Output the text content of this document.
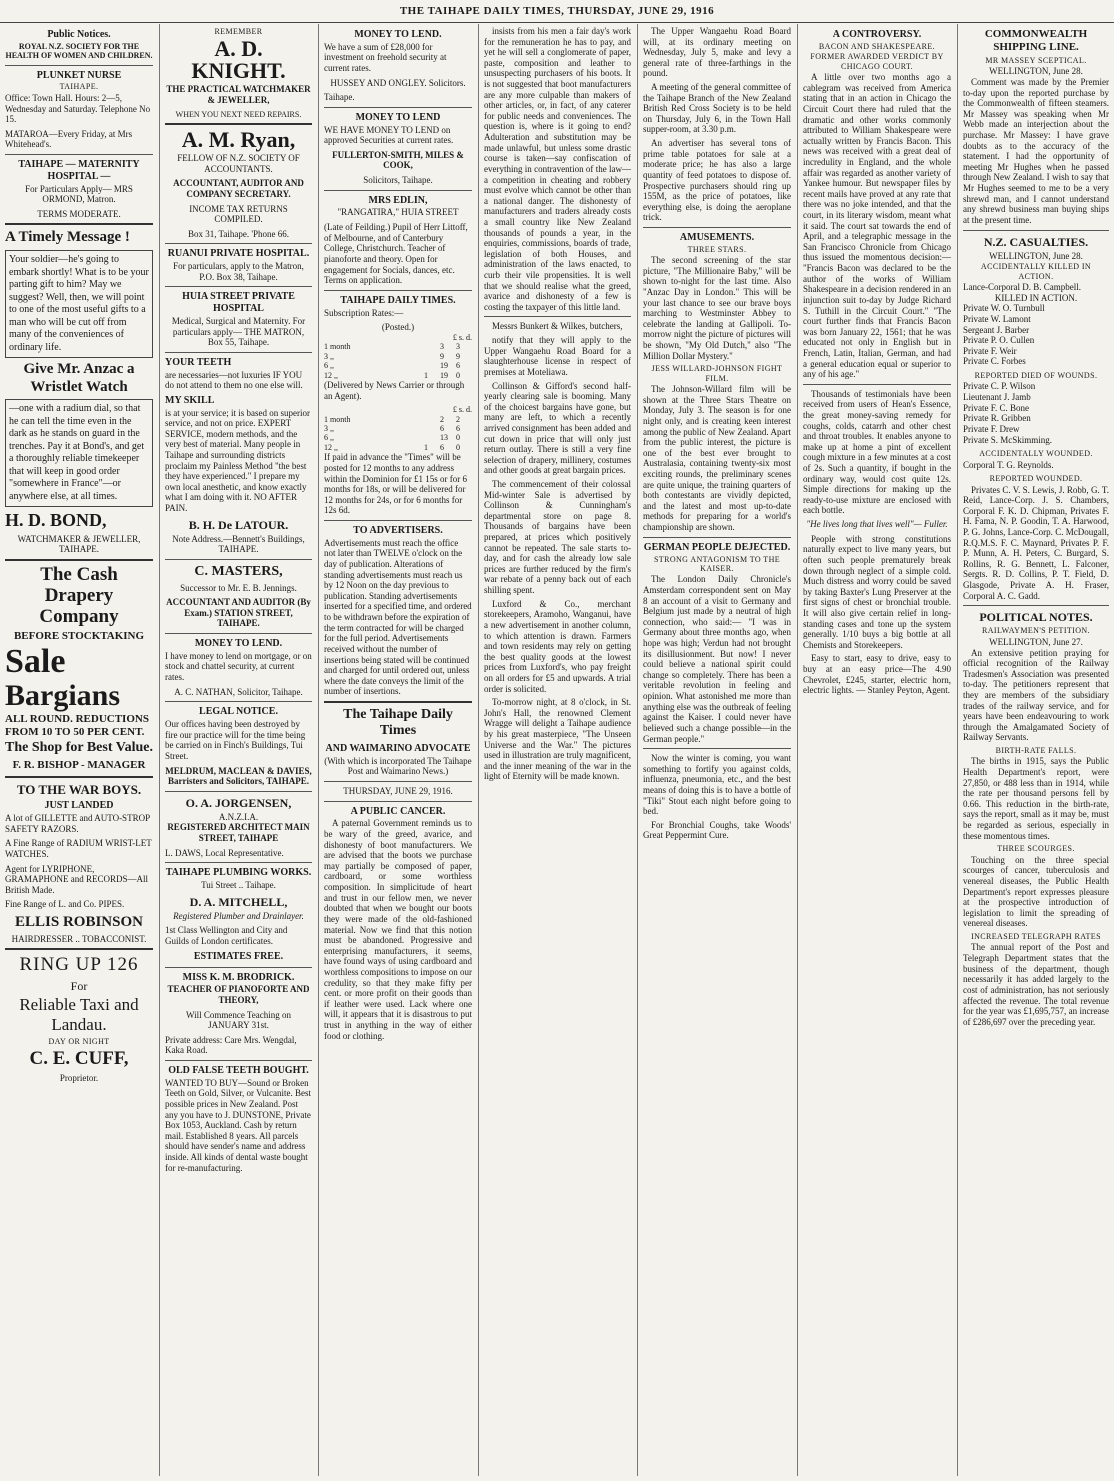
THE TAIHAPE DAILY TIMES, THURSDAY, JUNE 29, 1916
Public Notices.
ROYAL N.Z. SOCIETY FOR THE HEALTH OF WOMEN AND CHILDREN.
PLUNKET NURSE
TAIHAPE.
Office: Town Hall. Hours: 2—5, Wednesday and Saturday. Telephone No 15.
MATAROA—Every Friday, at Mrs Whitehead's.
TAIHAPE — MATERNITY HOSPITAL —
For Particulars Apply— MRS ORMOND, Matron.
TERMS MODERATE.
A Timely Message !
Your soldier—he's going to embark shortly! What is to be your parting gift to him? May we suggest? Well, then, we will point to one of the most useful gifts to a man who will be cut off from many of the conveniences of ordinary life.
Give Mr. Anzac a Wristlet Watch
—one with a radium dial, so that he can tell the time even in the dark as he stands on guard in the trenches. Pay it at Bond's, and get a thoroughly reliable timekeeper that will keep in good order "somewhere in France"—or anywhere else, at all times.
H. D. BOND,
WATCHMAKER & JEWELLER, TAIHAPE.
The Cash Drapery Company
BEFORE STOCKTAKING
Sale
Bargians
ALL ROUND. REDUCTIONS FROM 10 TO 50 PER CENT.
The Shop for Best Value.
F. R. BISHOP - MANAGER
TO THE WAR BOYS.
JUST LANDED
A lot of GILLETTE and AUTO-STROP SAFETY RAZORS.
A Fine Range of RADIUM WRIST-LET WATCHES.
Agent for LYRIPHONE, GRAMAPHONE and RECORDS—All British Made.
Fine Range of L. and Co. PIPES.
ELLIS ROBINSON
HAIRDRESSER .. TOBACCONIST.
RING UP 126
For
Reliable Taxi and Landau.
DAY OR NIGHT
C. E. CUFF,
Proprietor.
REMEMBER
A. D. KNIGHT.
THE PRACTICAL WATCHMAKER & JEWELLER,
WHEN YOU NEXT NEED REPAIRS.
A. M. Ryan,
FELLOW OF N.Z. SOCIETY OF ACCOUNTANTS.
ACCOUNTANT, AUDITOR AND COMPANY SECRETARY.
INCOME TAX RETURNS COMPILED.
Box 31, Taihape. 'Phone 66.
RUANUI PRIVATE HOSPITAL.
For particulars, apply to the Matron, P.O. Box 38, Taihape.
HUIA STREET PRIVATE HOSPITAL
Medical, Surgical and Maternity. For particulars apply— THE MATRON, Box 55, Taihape.
YOUR TEETH
are necessaries—not luxuries IF YOU do not attend to them no one else will.
MY SKILL
is at your service; it is based on superior service, and not on price. EXPERT SERVICE, modern methods, and the very best of material. Many people in Taihape and surrounding districts proclaim my Painless Method "the best they have experienced." I prepare my own local anesthetic, and know exactly what I am doing with it. NO AFTER PAIN.
B. H. De LATOUR.
Note Address.—Bennett's Buildings, TAIHAPE.
C. MASTERS,
Successor to Mr. E. B. Jennings.
ACCOUNTANT AND AUDITOR (By Exam.) STATION STREET, TAIHAPE.
MONEY TO LEND.
I have money to lend on mortgage, or on stock and chattel security, at current rates.
A. C. NATHAN, Solicitor, Taihape.
LEGAL NOTICE.
Our offices having been destroyed by fire our practice will for the time being be carried on in Finch's Buildings, Tui Street.
MELDRUM, MACLEAN & DAVIES, Barristers and Solicitors, TAIHAPE.
O. A. JORGENSEN,
A.N.Z.I.A.
REGISTERED ARCHITECT MAIN STREET, TAIHAPE
L. DAWS, Local Representative.
TAIHAPE PLUMBING WORKS.
Tui Street .. Taihape.
D. A. MITCHELL,
Registered Plumber and Drainlayer.
1st Class Wellington and City and Guilds of London certificates.
ESTIMATES FREE.
MISS K. M. BRODRICK.
TEACHER OF PIANOFORTE AND THEORY,
Will Commence Teaching on JANUARY 31st.
Private address: Care Mrs. Wengdal, Kaka Road.
OLD FALSE TEETH BOUGHT.
WANTED TO BUY—Sound or Broken Teeth on Gold, Silver, or Vulcanite. Best possible prices in New Zealand. Post any you have to J. DUNSTONE, Private Box 1053, Auckland. Cash by return mail. Established 8 years. All parcels should have sender's name and address inside. All kinds of dental waste bought for re-manufacturing.
MONEY TO LEND.
We have a sum of £28,000 for investment on freehold security at current rates.
HUSSEY AND ONGLEY. Solicitors.
Taihape.
MONEY TO LEND
WE HAVE MONEY TO LEND on approved Securities at current rates.
FULLERTON-SMITH, MILES & COOK,
Solicitors, Taihape.
MRS EDLIN,
"RANGATIRA," HUIA STREET
(Late of Feilding.) Pupil of Herr Littoff, of Melbourne, and of Canterbury College, Christchurch. Teacher of pianoforte and theory. Open for engagement for Socials, dances, etc. Terms on application.
TAIHAPE DAILY TIMES.
Subscription Rates:—
(Posted.)
£ s. d.
1 month	3	3
3 ,,	9	9
6 ,,	19	6
12 ,,	1	19	0
(Delivered by News Carrier or through an Agent).
£ s. d.
1 month	2	2
3 ,,	6	6
6 ,,	13	0
12 ,,	1	6	0
If paid in advance the "Times" will be posted for 12 months to any address within the Dominion for £1 15s or for 6 months for 18s, or will be delivered for 12 months for 24s, or for 6 months for 12s 6d.
TO ADVERTISERS.
Advertisements must reach the office not later than TWELVE o'clock on the day of publication. Alterations of standing advertisements must reach us by 12 Noon on the day previous to publication. Standing advertisements inserted for a specified time, and ordered to be withdrawn before the expiration of the term contracted for will be charged for the full period. Advertisements received without the number of insertions being stated will be continued and charged for until ordered out, unless where the date conveys the limit of the number of insertions.
The Taihape Daily Times
AND WAIMARINO ADVOCATE
(With which is incorporated The Taihape Post and Waimarino News.)
THURSDAY, JUNE 29, 1916.
A PUBLIC CANCER.

A paternal Government reminds us to be wary of the greed, avarice, and dishonesty of boot manufacturers. We are advised that the boots we purchase may partially be composed of paper, cardboard, or some worthless composition. In simplicitude of heart and trust in our fellow men, we never doubted that when we bought our boots they were made of the old-fashioned material. Now we find that this notion must be abandoned. Progressive and enterprising manufacturers, it seems, have found ways of using cardboard and worthless compositions to impose on our credulity, so that they make fifty per cent. or more profit on their goods than if leather were used. Lack where one will, it appears that it is disastrous to put trust in anything in the way of either food or clothing.

insists from his men a fair day's work for the remuneration he has to pay, and yet he will sell a conglomerate of paper, paste, composition and leather to unsuspecting purchasers of his boots. It is not suggested that boot manufacturers are any more culpable than makers of other articles, or, in fact, of any caterer for public needs and conveniences. The question is, where is it going to end? Adulteration and substitution may be made unlawful, but unless some drastic course is taken—say confiscation of everything in contravention of the law—a competition in cheating and robbery must evolve which cannot be other than a national danger. The dishonesty of manufacturers and traders already costs a small country like New Zealand thousands of pounds a year, in the enquiries, commissions, boards of trade, legislation of both Houses, and administration of the laws enacted, to curb their vile propensities. It is well that we should realise what the greed, avarice and dishonesty of a few is costing the taxpayer of this little land.

Messrs Bunkert & Wilkes, butchers,

notify that they will apply to the Upper Wangaehu Road Board for a slaughterhouse license in respect of premises at Moteliawa.

Collinson & Gifford's second half-yearly clearing sale is booming. Many of the choicest bargains have gone, but many are left, to which a recently arrived consignment has been added and cut down in price that will only just return outlay. There is still a very fine selection of drapery, millinery, costumes and other goods at great bargain prices.

The commencement of their colossal Mid-winter Sale is advertised by Collinson & Cunningham's departmental store on page 8. Thousands of bargains have been prepared, at prices which positively cannot be repeated. The sale starts to-day, and for cash the already low sale prices are further reduced by the firm's war rebate of a penny back out of each shilling spent.

Luxford & Co., merchant storekeepers, Aramoho, Wanganui, have a new advertisement in another column, to which attention is drawn. Farmers and town residents may rely on getting the best quality goods at the lowest prices from Luxford's, who pay freight on all orders for £5 and upwards. A trial order is solicited.

To-morrow night, at 8 o'clock, in St. John's Hall, the renowned Clement Wragge will delight a Taihape audience by his great masterpiece, "The Unseen Universe and the War." The pictures used in illustration are truly magnificent, and the inner meaning of the war in the light of Eternity will be made known.

The Upper Wangaehu Road Board will, at its ordinary meeting on Wednesday, July 5, make and levy a general rate of three-farthings in the pound.

A meeting of the general committee of the Taihape Branch of the New Zealand British Red Cross Society is to be held on Thursday, July 6, in the Town Hall supper-room, at 3.30 p.m.

An advertiser has several tons of prime table potatoes for sale at a moderate price; he has also a large quantity of feed potatoes to dispose of. Prospective purchasers should ring up 155M, as the price of potatoes, like everything else, is doing the aeroplane trick.

AMUSEMENTS.
THREE STARS.

The second screening of the star picture, "The Millionaire Baby," will be shown to-night for the last time. Also "Anzac Day in London." This will be your last chance to see our brave boys marching to Westminster Abbey to celebrate the landing at Gallipoli. To-morrow night the picture of pictures will be shown, "My Old Dutch," also "The Million Dollar Mystery."

JESS WILLARD-JOHNSON FIGHT FILM.

The Johnson-Willard film will be shown at the Three Stars Theatre on Monday, July 3. The season is for one night only, and is creating keen interest among the public of New Zealand. Apart from the public interest, the picture is one of the best ever brought to Australasia, containing twenty-six most exciting rounds, the preliminary scenes are quite unique, the training quarters of both contestants are vividly depicted, and the latest and most up-to-date methods for preparing for a world's championship are shown.

GERMAN PEOPLE DEJECTED.
STRONG ANTAGONISM TO THE KAISER.

The London Daily Chronicle's Amsterdam correspondent sent on May 8 an account of a visit to Germany and Belgium just made by a neutral of high connection, who said:— "I was in Germany about three months ago, when hope was high; Verdun had not brought its disillusionment. But now! I never could believe a national spirit could change so completely. There has been a veritable revolution in feeling and opinion. What astonished me more than anything else was the outbreak of feeling against the Kaiser. I could never have believed such a change possible—in the German people."

Now the winter is coming, you want something to fortify you against colds, influenza, pneumonia, etc., and the best means of doing this is to have a bottle of "Tiki" Stout each night before going to bed.

For Bronchial Coughs, take Woods' Great Peppermint Cure.

A CONTROVERSY.
BACON AND SHAKESPEARE.
FORMER AWARDED VERDICT BY CHICAGO COURT.

A little over two months ago a cablegram was received from America stating that in an action in Chicago the Circuit Court there had ruled that the dramatic and other works commonly attributed to William Shakespeare were actually written by Francis Bacon. This news was received with a great deal of incredulity in England, and the whole affair was regarded as another variety of Yankee humour. But newspaper files by recent mails have proved at any rate that there was no joke intended, and that the court, in its literary wisdom, meant what it said. The court sat towards the end of April, and a telegraphic message in the San Francisco Chronicle from Chicago thus issued the momentous decision:— "Francis Bacon was declared to be the author of the works of William Shakespeare in a decision rendered in an injunction suit to-day by Judge Richard S. Tuthill in the Circuit Court." "The court further finds that Francis Bacon was born January 22, 1561; that he was educated not only in English but in French, Latin, Italian, German, and had a general education equal or superior to any of his age."

Thousands of testimonials have been received from users of Hean's Essence, the great money-saving remedy for coughs, colds, catarrh and other chest and throat troubles. It enables anyone to make up at home a pint of excellent cough mixture in a few minutes at a cost of 2s. Such a quantity, if bought in the ordinary way, would cost quite 12s. Simple directions for making up the ready-to-use mixture are enclosed with each bottle.

"He lives long that lives well"— Fuller.

People with strong constitutions naturally expect to live many years, but often such people prematurely break down through neglect of a simple cold. Much distress and worry could be saved by taking Baxter's Lung Preserver at the first signs of chest or bronchial trouble. It will also give certain relief in long-standing cases and tone up the system generally. 1/10 buys a big bottle at all Chemists and Storekeepers.

Easy to start, easy to drive, easy to buy at an easy price—The 4.90 Chevrolet, £245, starter, electric horn, electric lights. — Stanley Peyton, Agent.

COMMONWEALTH SHIPPING LINE.
MR MASSEY SCEPTICAL.
WELLINGTON, June 28.

Comment was made by the Premier to-day upon the reported purchase by the Commonwealth of fifteen steamers. Mr Massey was speaking when Mr Webb made an interjection about the purchase. Mr Massey: I have grave doubts as to the accuracy of the statement. I had the opportunity of meeting Mr Hughes when he passed through New Zealand. I wish to say that Mr Hughes seemed to me to be a very shrewd man, and I cannot understand any shrewd business man buying ships at the present time.

N.Z. CASUALTIES.
WELLINGTON, June 28.
ACCIDENTALLY KILLED IN ACTION.
Lance-Corporal D. B. Campbell.
KILLED IN ACTION.
Private W. O. Turnbull
Private W. Lamont
Sergeant J. Barber
Private P. O. Cullen
Private F. Weir
Private C. Forbes
REPORTED DIED OF WOUNDS.
Private C. P. Wilson
Lieutenant J. Jamb
Private F. C. Bone
Private R. Gribben
Private F. Drew
Private S. McSkimming.
ACCIDENTALLY WOUNDED.
Corporal T. G. Reynolds.
REPORTED WOUNDED.

Privates C. V. S. Lewis, J. Robb, G. T. Reid, Lance-Corp. J. S. Chambers, Corporal F. K. D. Chipman, Privates F. H. Fama, N. P. Goodin, T. A. Harwood, P. G. Johns, Lance-Corp. C. McDougall, R.Q.M.S. F. C. Maynard, Privates P. F. P. Munn, A. H. Peters, C. Burgard, S. Rollins, R. G. Bennett, L. Falconer, Sergts. R. D. Collins, P. T. Field, D. Glasgode, Private A. H. Fraser, Corporal A. C. Gadd.

POLITICAL NOTES.
RAILWAYMEN'S PETITION.
WELLINGTON, June 27.

An extensive petition praying for official recognition of the Railway Tradesmen's Association was presented to-day. The petitioners represent that they are members of the subsidiary trades of the railway service, and for years have been endeavouring to work through the Amalgamated Society of Railway Servants.

BIRTH-RATE FALLS.

The births in 1915, says the Public Health Department's report, were 27,850, or 488 less than in 1914, while the rate per thousand persons fell by 0.66. This reduction in the birth-rate, says the report, small as it may be, must be regarded as serious, especially in these momentous times.

THREE SCOURGES.

Touching on the three special scourges of cancer, tuberculosis and venereal diseases, the Public Health Department's report expresses pleasure at the prospective introduction of legislation to limit the spreading of venereal diseases.

INCREASED TELEGRAPH RATES

The annual report of the Post and Telegraph Department states that the business of the department, though necessarily it has added largely to the cost of administration, has not seriously affected the revenue. The total revenue for the year was £1,695,757, an increase of £286,697 over the preceding year.
